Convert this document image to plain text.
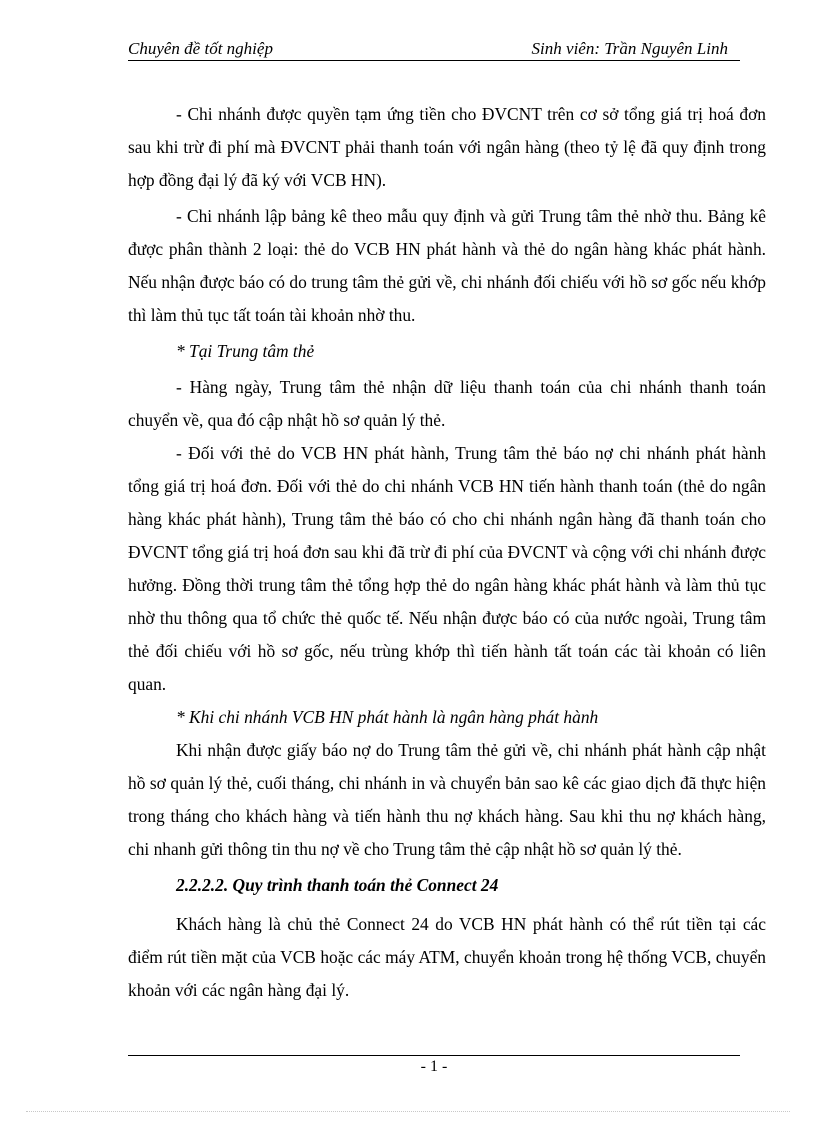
Chuyên đề tốt nghiệp	Sinh viên: Trần Nguyên Linh

- Chi nhánh được quyền tạm ứng tiền cho ĐVCNT trên cơ sở tổng giá trị hoá đơn sau khi trừ đi phí mà ĐVCNT phải thanh toán với ngân hàng (theo tỷ lệ đã quy định trong hợp đồng đại lý đã ký với VCB HN).

- Chi nhánh lập bảng kê theo mẫu quy định và gửi Trung tâm thẻ nhờ thu. Bảng kê được phân thành 2 loại: thẻ do VCB HN phát hành và thẻ do ngân hàng khác phát hành. Nếu nhận được báo có do trung tâm thẻ gửi về, chi nhánh đối chiếu với hồ sơ gốc nếu khớp thì làm thủ tục tất toán tài khoản nhờ thu.

* Tại Trung tâm thẻ

- Hàng ngày, Trung tâm thẻ nhận dữ liệu thanh toán của chi nhánh thanh toán chuyển về, qua đó cập nhật hồ sơ quản lý thẻ.

- Đối với thẻ do VCB HN phát hành, Trung tâm thẻ báo nợ chi nhánh phát hành tổng giá trị hoá đơn. Đối với thẻ do chi nhánh VCB HN tiến hành thanh toán (thẻ do ngân hàng khác phát hành), Trung tâm thẻ báo có cho chi nhánh ngân hàng đã thanh toán cho ĐVCNT tổng giá trị hoá đơn sau khi đã trừ đi phí của ĐVCNT và cộng với chi nhánh được hưởng. Đồng thời trung tâm thẻ tổng hợp thẻ do ngân hàng khác phát hành và làm thủ tục nhờ thu thông qua tổ chức thẻ quốc tế. Nếu nhận được báo có của nước ngoài, Trung tâm thẻ đối chiếu với hồ sơ gốc, nếu trùng khớp thì tiến hành tất toán các tài khoản có liên quan.

* Khi chi nhánh VCB HN phát hành là ngân hàng phát hành

Khi nhận được giấy báo nợ do Trung tâm thẻ gửi về, chi nhánh phát hành cập nhật hồ sơ quản lý thẻ, cuối tháng, chi nhánh in và chuyển bản sao kê các giao dịch đã thực hiện trong tháng cho khách hàng và tiến hành thu nợ khách hàng. Sau khi thu nợ khách hàng, chi nhanh gửi thông tin thu nợ về cho Trung tâm thẻ cập nhật hồ sơ quản lý thẻ.

2.2.2.2. Quy trình thanh toán thẻ Connect 24

Khách hàng là chủ thẻ Connect 24 do VCB HN phát hành có thể rút tiền tại các điểm rút tiền mặt của VCB hoặc các máy ATM, chuyển khoản trong hệ thống VCB, chuyển khoản với các ngân hàng đại lý.

- 1 -
